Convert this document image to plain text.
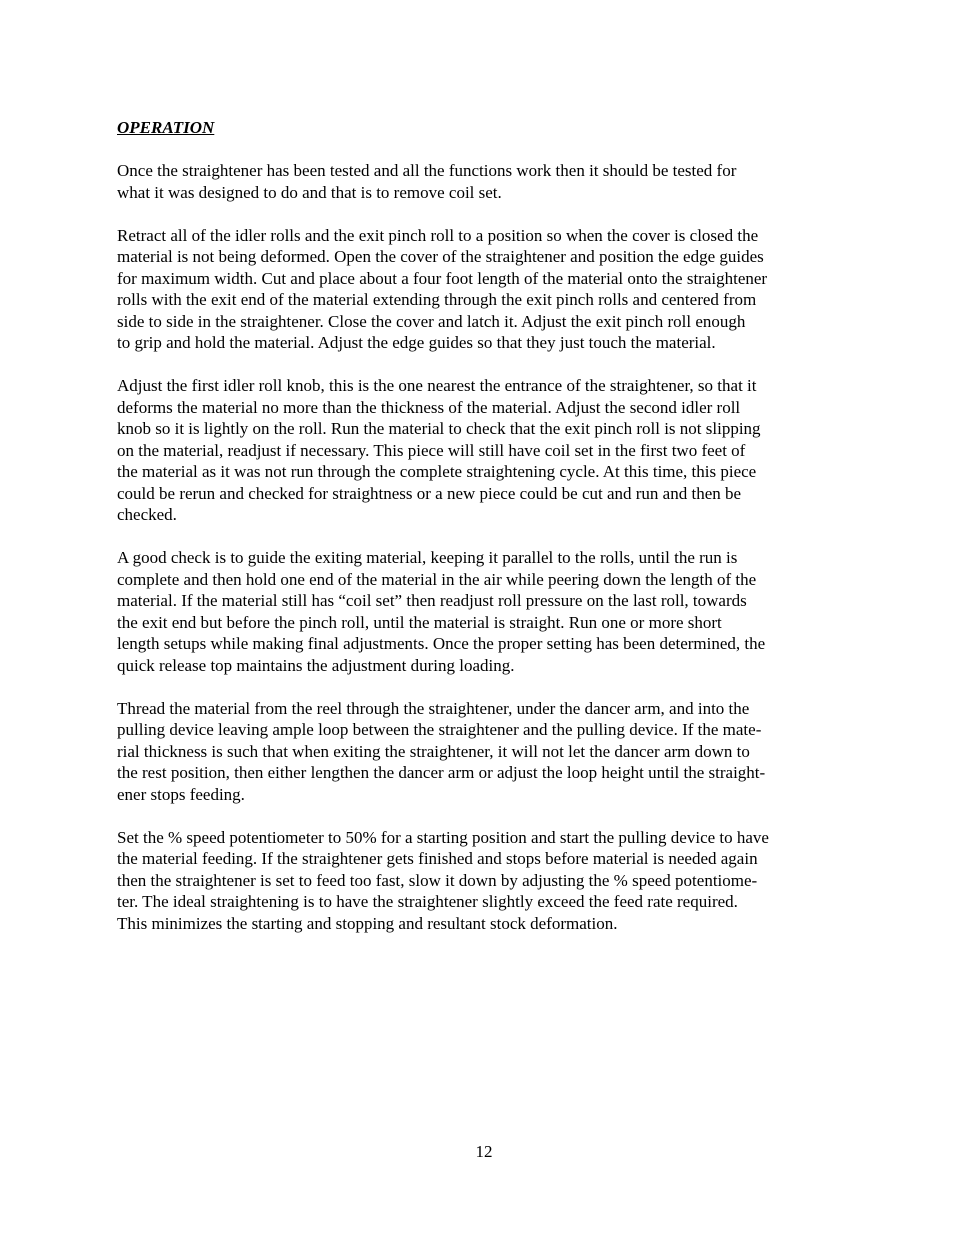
OPERATION
Once the straightener has been tested and all the functions work then it should be tested for
what it was designed to do and that is to remove coil set.
Retract all of the idler rolls and the exit pinch roll to a position so when the cover is closed the
material is not being deformed. Open the cover of the straightener and position the edge guides
for maximum width. Cut and place about a four foot length of the material onto the straightener
rolls with the exit end of the material extending through the exit pinch rolls and centered from
side to side in the straightener. Close the cover and latch it. Adjust the exit pinch roll enough
to grip and hold the material. Adjust the edge guides so that they just touch the material.
Adjust the first idler roll knob, this is the one nearest the entrance of the straightener, so that it
deforms the material no more than the thickness of the material. Adjust the second idler roll
knob so it is lightly on the roll. Run the material to check that the exit pinch roll is not slipping
on the material, readjust if necessary. This piece will still have coil set in the first two feet of
the material as it was not run through the complete straightening cycle. At this time, this piece
could be rerun and checked for straightness or a new piece could be cut and run and then be
checked.
A good check is to guide the exiting material, keeping it parallel to the rolls, until the run is
complete and then hold one end of the material in the air while peering down the length of the
material. If the material still has “coil set” then readjust roll pressure on the last roll, towards
the exit end but before the pinch roll, until the material is straight. Run one or more short
length setups while making final adjustments. Once the proper setting has been determined, the
quick release top maintains the adjustment during loading.
Thread the material from the reel through the straightener, under the dancer arm, and into the
pulling device leaving ample loop between the straightener and the pulling device. If the mate-
rial thickness is such that when exiting the straightener, it will not let the dancer arm down to
the rest position, then either lengthen the dancer arm or adjust the loop height until the straight-
ener stops feeding.
Set the % speed potentiometer to 50% for a starting position and start the pulling device to have
the material feeding. If the straightener gets finished and stops before material is needed again
then the straightener is set to feed too fast, slow it down by adjusting the % speed potentiome-
ter. The ideal straightening is to have the straightener slightly exceed the feed rate required.
This minimizes the starting and stopping and resultant stock deformation.
12
